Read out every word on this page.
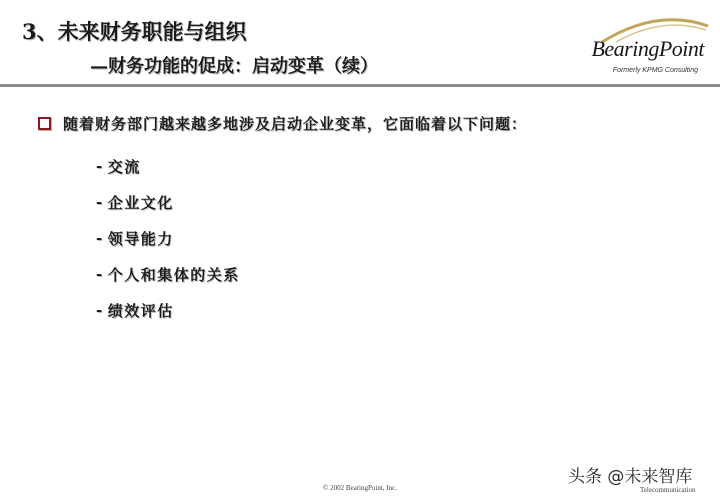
3、未来财务职能与组织
—财务功能的促成：启动变革（续）
BearingPoint
Formerly KPMG Consulting
随着财务部门越来越多地涉及启动企业变革，它面临着以下问题：
- 交流
- 企业文化
- 领导能力
- 个人和集体的关系
- 绩效评估
© 2002 BearingPoint, Inc.
头条 @未来智库
Telecommunication
